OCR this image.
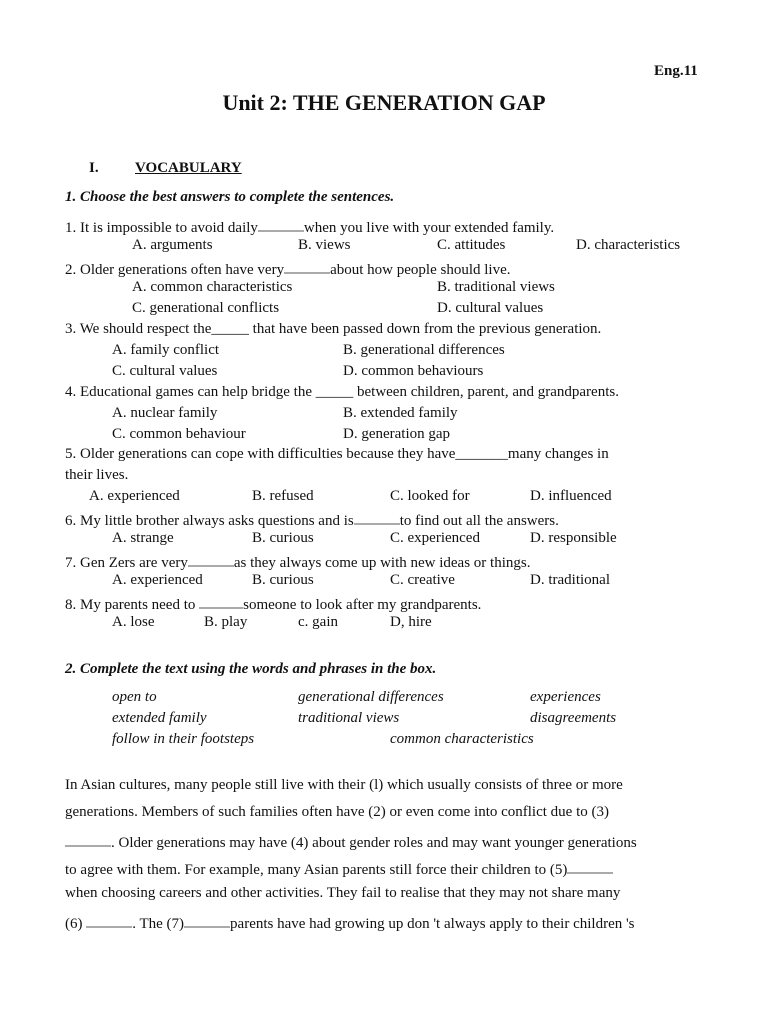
Eng.11
Unit 2: THE GENERATION GAP
I. VOCABULARY
1. Choose the best answers to complete the sentences.
1. It is impossible to avoid daily	when you live with your extended family.
A. arguments	B. views	C. attitudes	D. characteristics
2. Older generations often have very	about how people should live.
A. common characteristics	B. traditional views
C. generational conflicts	D. cultural values
3. We should respect the_____ that have been passed down from the previous generation.
A. family conflict	B. generational differences
C. cultural values	D. common behaviours
4. Educational games can help bridge the _____ between children, parent, and grandparents.
A. nuclear family	B. extended family
C. common behaviour	D. generation gap
5. Older generations can cope with difficulties because they have_______many changes in
their lives.
A. experienced	B. refused	C. looked for	D. influenced
6. My little brother always asks questions and is	to find out all the answers.
A. strange	B. curious	C. experienced	D. responsible
7. Gen Zers are very	as they always come up with new ideas or things.
A. experienced	B. curious	C. creative	D. traditional
8. My parents need to	someone to look after my grandparents.
A. lose	B. play	c. gain	D, hire
2. Complete the text using the words and phrases in the box.
open to	generational differences	experiences
extended family	traditional views	disagreements
follow in their footsteps	common characteristics
In Asian cultures, many people still live with their (l) which usually consists of three or more
generations. Members of such families often have (2) or even come into conflict due to (3)
. Older generations may have (4) about gender roles and may want younger generations
to agree with them. For example, many Asian parents still force their children to (5)
when choosing careers and other activities. They fail to realise that they may not share many
(6)	. The (7)	parents have had growing up don 't always apply to their children 's
